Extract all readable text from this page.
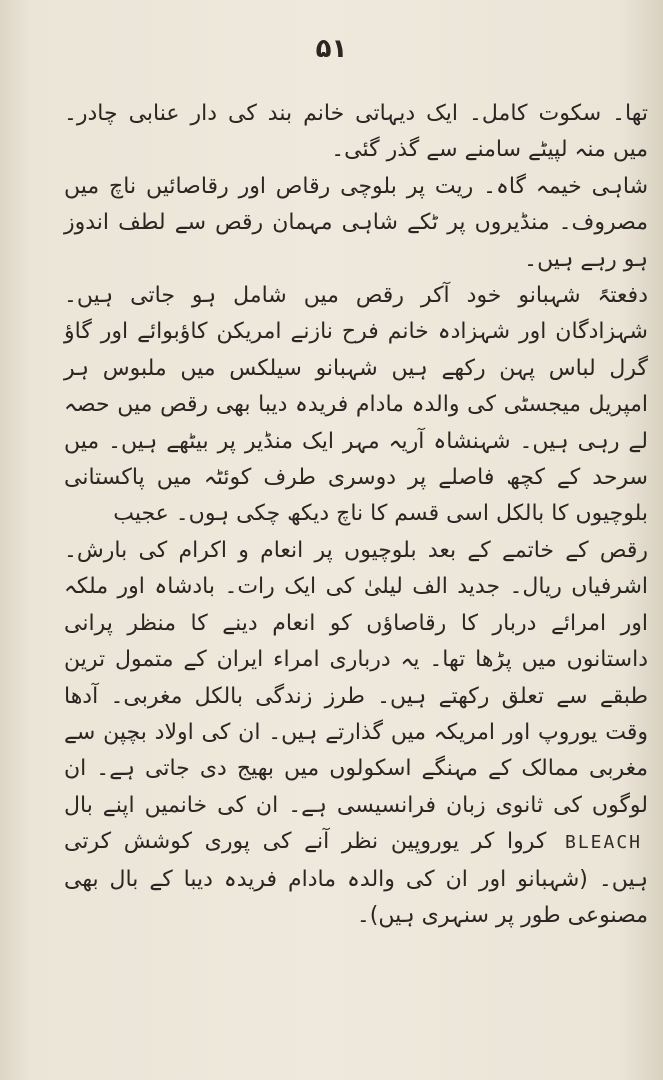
۵۱

تھا۔ سکوت کامل۔ ایک دیہاتی خانم بند کی دار عنابی چادر۔ میں منہ لپیٹے سامنے سے گذر گئی۔

شاہی خیمہ گاہ۔ ریت پر بلوچی رقاص اور رقاصائیں ناچ میں مصروف۔ منڈیروں پر ٹکے شاہی مہمان رقص سے لطف اندوز ہو رہے ہیں۔

دفعتہً شہبانو خود آکر رقص میں شامل ہو جاتی ہیں۔ شہزادگان اور شہزادہ خانم فرح نازنے امریکن کاؤبوائے اور گاؤ گرل لباس پہن رکھے ہیں شہبانو سیلکس میں ملبوس ہر امپریل میجسٹی کی والدہ مادام فریدہ دیبا بھی رقص میں حصہ لے رہی ہیں۔ شہنشاہ آریہ مہر ایک منڈیر پر بیٹھے ہیں۔ میں سرحد کے کچھ فاصلے پر دوسری طرف کوئٹہ میں پاکستانی بلوچیوں کا بالکل اسی قسم کا ناچ دیکھ چکی ہوں۔ عجیب

رقص کے خاتمے کے بعد بلوچیوں پر انعام و اکرام کی بارش۔ اشرفیاں ریال۔ جدید الف لیلیٰ کی ایک رات۔ بادشاہ اور ملکہ اور امرائے دربار کا رقاصاؤں کو انعام دینے کا منظر پرانی داستانوں میں پڑھا تھا۔ یہ درباری امراء ایران کے متمول ترین طبقے سے تعلق رکھتے ہیں۔ طرز زندگی بالکل مغربی۔ آدھا وقت یوروپ اور امریکہ میں گذارتے ہیں۔ ان کی اولاد بچپن سے مغربی ممالک کے مہنگے اسکولوں میں بھیج دی جاتی ہے۔ ان لوگوں کی ثانوی زبان فرانسیسی ہے۔ ان کی خانمیں اپنے بال BLEACH کروا کر یوروپین نظر آنے کی پوری کوشش کرتی ہیں۔ (شہبانو اور ان کی والدہ مادام فریدہ دیبا کے بال بھی مصنوعی طور پر سنہری ہیں)۔
